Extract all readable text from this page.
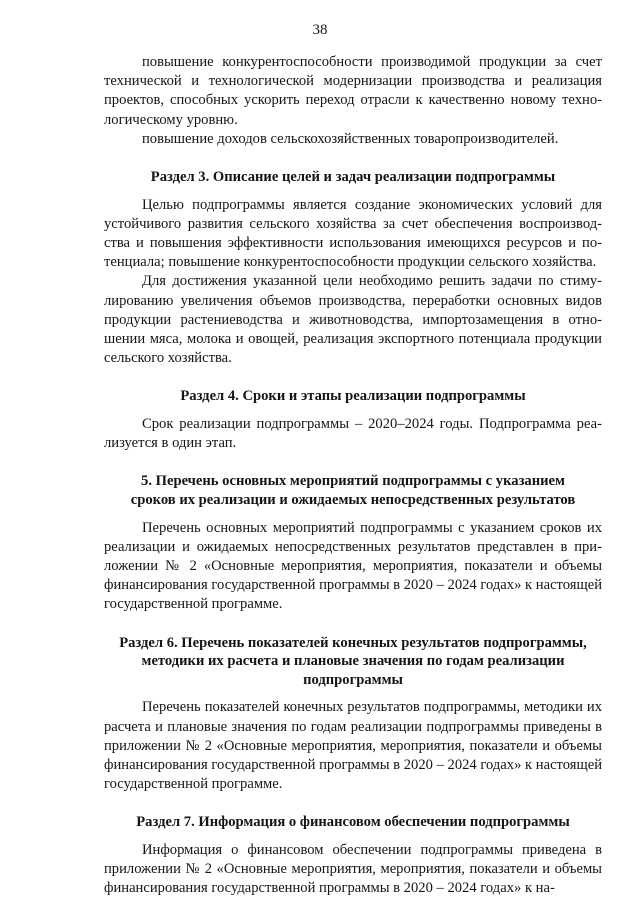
38

повышение конкурентоспособности производимой продукции за счет технической и технологической модернизации производства и реализация проектов, способных ускорить переход отрасли к качественно новому технологическому уровню.

повышение доходов сельскохозяйственных товаропроизводителей.

Раздел 3. Описание целей и задач реализации подпрограммы

Целью подпрограммы является создание экономических условий для устойчивого развития сельского хозяйства за счет обеспечения воспроизводства и повышения эффективности использования имеющихся ресурсов и потенциала; повышение конкурентоспособности продукции сельского хозяйства.

Для достижения указанной цели необходимо решить задачи по стимулированию увеличения объемов производства, переработки основных видов продукции растениеводства и животноводства, импортозамещения в отношении мяса, молока и овощей, реализация экспортного потенциала продукции сельского хозяйства.

Раздел 4. Сроки и этапы реализации подпрограммы

Срок реализации подпрограммы – 2020–2024 годы. Подпрограмма реализуется в один этап.

5. Перечень основных мероприятий подпрограммы с указанием сроков их реализации и ожидаемых непосредственных результатов

Перечень основных мероприятий подпрограммы с указанием сроков их реализации и ожидаемых непосредственных результатов представлен в приложении № 2 «Основные мероприятия, мероприятия, показатели и объемы финансирования государственной программы в 2020 – 2024 годах» к настоящей государственной программе.

Раздел 6. Перечень показателей конечных результатов подпрограммы, методики их расчета и плановые значения по годам реализации подпрограммы

Перечень показателей конечных результатов подпрограммы, методики их расчета и плановые значения по годам реализации подпрограммы приведены в приложении № 2 «Основные мероприятия, мероприятия, показатели и объемы финансирования государственной программы в 2020 – 2024 годах» к настоящей государственной программе.

Раздел 7. Информация о финансовом обеспечении подпрограммы

Информация о финансовом обеспечении подпрограммы приведена в приложении № 2 «Основные мероприятия, мероприятия, показатели и объемы финансирования государственной программы в 2020 – 2024 годах» к на-
